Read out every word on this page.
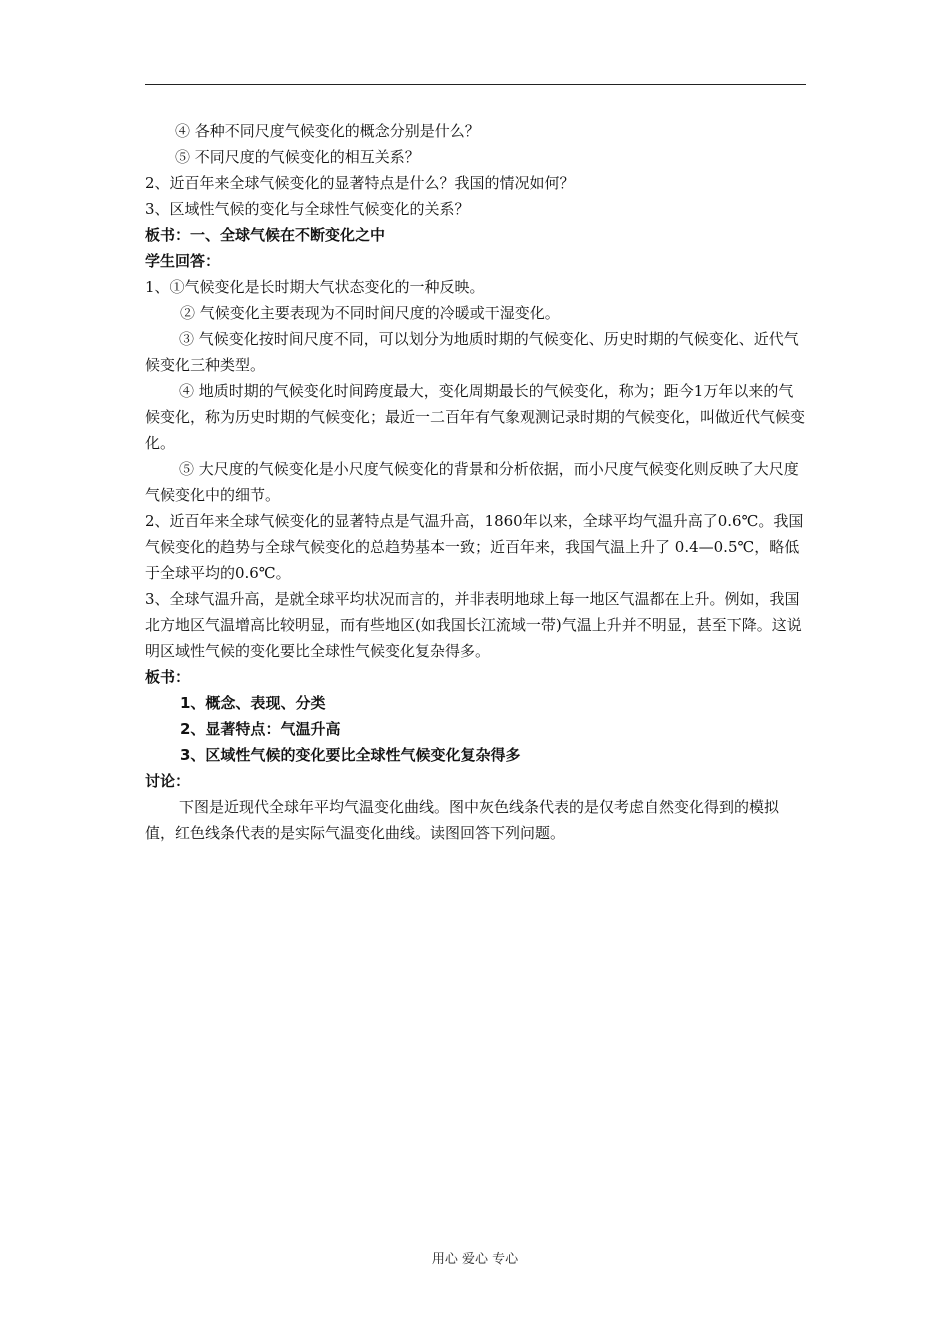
④ 各种不同尺度气候变化的概念分别是什么？

⑤ 不同尺度的气候变化的相互关系？

2、近百年来全球气候变化的显著特点是什么？我国的情况如何？

3、区域性气候的变化与全球性气候变化的关系？

板书：一、全球气候在不断变化之中

学生回答：

1、①气候变化是长时期大气状态变化的一种反映。

② 气候变化主要表现为不同时间尺度的冷暖或干湿变化。

③ 气候变化按时间尺度不同，可以划分为地质时期的气候变化、历史时期的气候变化、近代气候变化三种类型。

④ 地质时期的气候变化时间跨度最大，变化周期最长的气候变化，称为；距今1万年以来的气候变化，称为历史时期的气候变化；最近一二百年有气象观测记录时期的气候变化，叫做近代气候变化。

⑤ 大尺度的气候变化是小尺度气候变化的背景和分析依据，而小尺度气候变化则反映了大尺度气候变化中的细节。

2、近百年来全球气候变化的显著特点是气温升高，1860年以来，全球平均气温升高了0.6℃。我国气候变化的趋势与全球气候变化的总趋势基本一致；近百年来，我国气温上升了 0.4—0.5℃，略低于全球平均的0.6℃。

3、全球气温升高，是就全球平均状况而言的，并非表明地球上每一地区气温都在上升。例如，我国北方地区气温增高比较明显，而有些地区(如我国长江流域一带)气温上升并不明显，甚至下降。这说明区域性气候的变化要比全球性气候变化复杂得多。

板书：

1、概念、表现、分类

2、显著特点：气温升高

3、区域性气候的变化要比全球性气候变化复杂得多

讨论：

下图是近现代全球年平均气温变化曲线。图中灰色线条代表的是仅考虑自然变化得到的模拟值，红色线条代表的是实际气温变化曲线。读图回答下列问题。

用心 爱心 专心
